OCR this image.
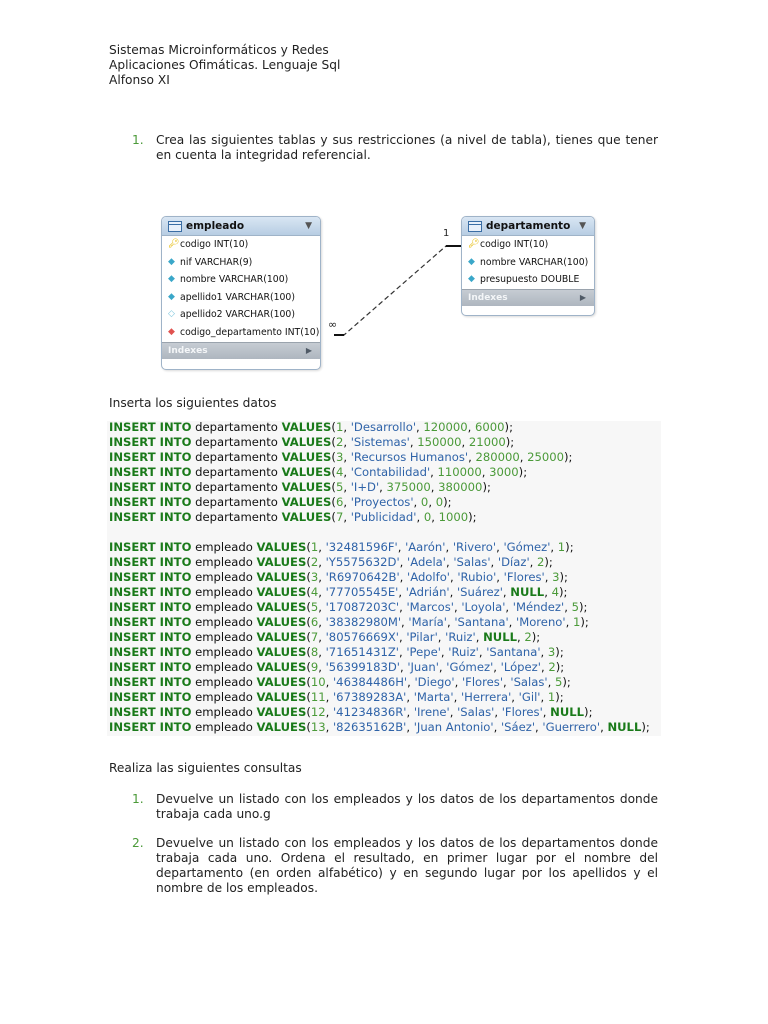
Sistemas Microinformáticos y Redes
Aplicaciones Ofimáticas. Lenguaje Sql
Alfonso XI
1. Crea las siguientes tablas y sus restricciones (a nivel de tabla), tienes que tener en cuenta la integridad referencial.
1
∞
empleado	▼
🔑︎ codigo INT(10)
◆ nif VARCHAR(9)
◆ nombre VARCHAR(100)
◆ apellido1 VARCHAR(100)
◇ apellido2 VARCHAR(100)
◆ codigo_departamento INT(10)
Indexes	▶
departamento ▼
🔑︎ codigo INT(10)
◆ nombre VARCHAR(100)
◆ presupuesto DOUBLE
Indexes	▶
Inserta los siguientes datos
INSERT INTO departamento VALUES(1, 'Desarrollo', 120000, 6000);
INSERT INTO departamento VALUES(2, 'Sistemas', 150000, 21000);
INSERT INTO departamento VALUES(3, 'Recursos Humanos', 280000, 25000);
INSERT INTO departamento VALUES(4, 'Contabilidad', 110000, 3000);
INSERT INTO departamento VALUES(5, 'I+D', 375000, 380000);
INSERT INTO departamento VALUES(6, 'Proyectos', 0, 0);
INSERT INTO departamento VALUES(7, 'Publicidad', 0, 1000);
INSERT INTO empleado VALUES(1, '32481596F', 'Aarón', 'Rivero', 'Gómez', 1);
INSERT INTO empleado VALUES(2, 'Y5575632D', 'Adela', 'Salas', 'Díaz', 2);
INSERT INTO empleado VALUES(3, 'R6970642B', 'Adolfo', 'Rubio', 'Flores', 3);
INSERT INTO empleado VALUES(4, '77705545E', 'Adrián', 'Suárez', NULL, 4);
INSERT INTO empleado VALUES(5, '17087203C', 'Marcos', 'Loyola', 'Méndez', 5);
INSERT INTO empleado VALUES(6, '38382980M', 'María', 'Santana', 'Moreno', 1);
INSERT INTO empleado VALUES(7, '80576669X', 'Pilar', 'Ruiz', NULL, 2);
INSERT INTO empleado VALUES(8, '71651431Z', 'Pepe', 'Ruiz', 'Santana', 3);
INSERT INTO empleado VALUES(9, '56399183D', 'Juan', 'Gómez', 'López', 2);
INSERT INTO empleado VALUES(10, '46384486H', 'Diego', 'Flores', 'Salas', 5);
INSERT INTO empleado VALUES(11, '67389283A', 'Marta', 'Herrera', 'Gil', 1);
INSERT INTO empleado VALUES(12, '41234836R', 'Irene', 'Salas', 'Flores', NULL);
INSERT INTO empleado VALUES(13, '82635162B', 'Juan Antonio', 'Sáez', 'Guerrero', NULL);
Realiza las siguientes consultas
1. Devuelve un listado con los empleados y los datos de los departamentos donde trabaja cada uno.g
2. Devuelve un listado con los empleados y los datos de los departamentos donde trabaja cada uno. Ordena el resultado, en primer lugar por el nombre del departamento (en orden alfabético) y en segundo lugar por los apellidos y el nombre de los empleados.
